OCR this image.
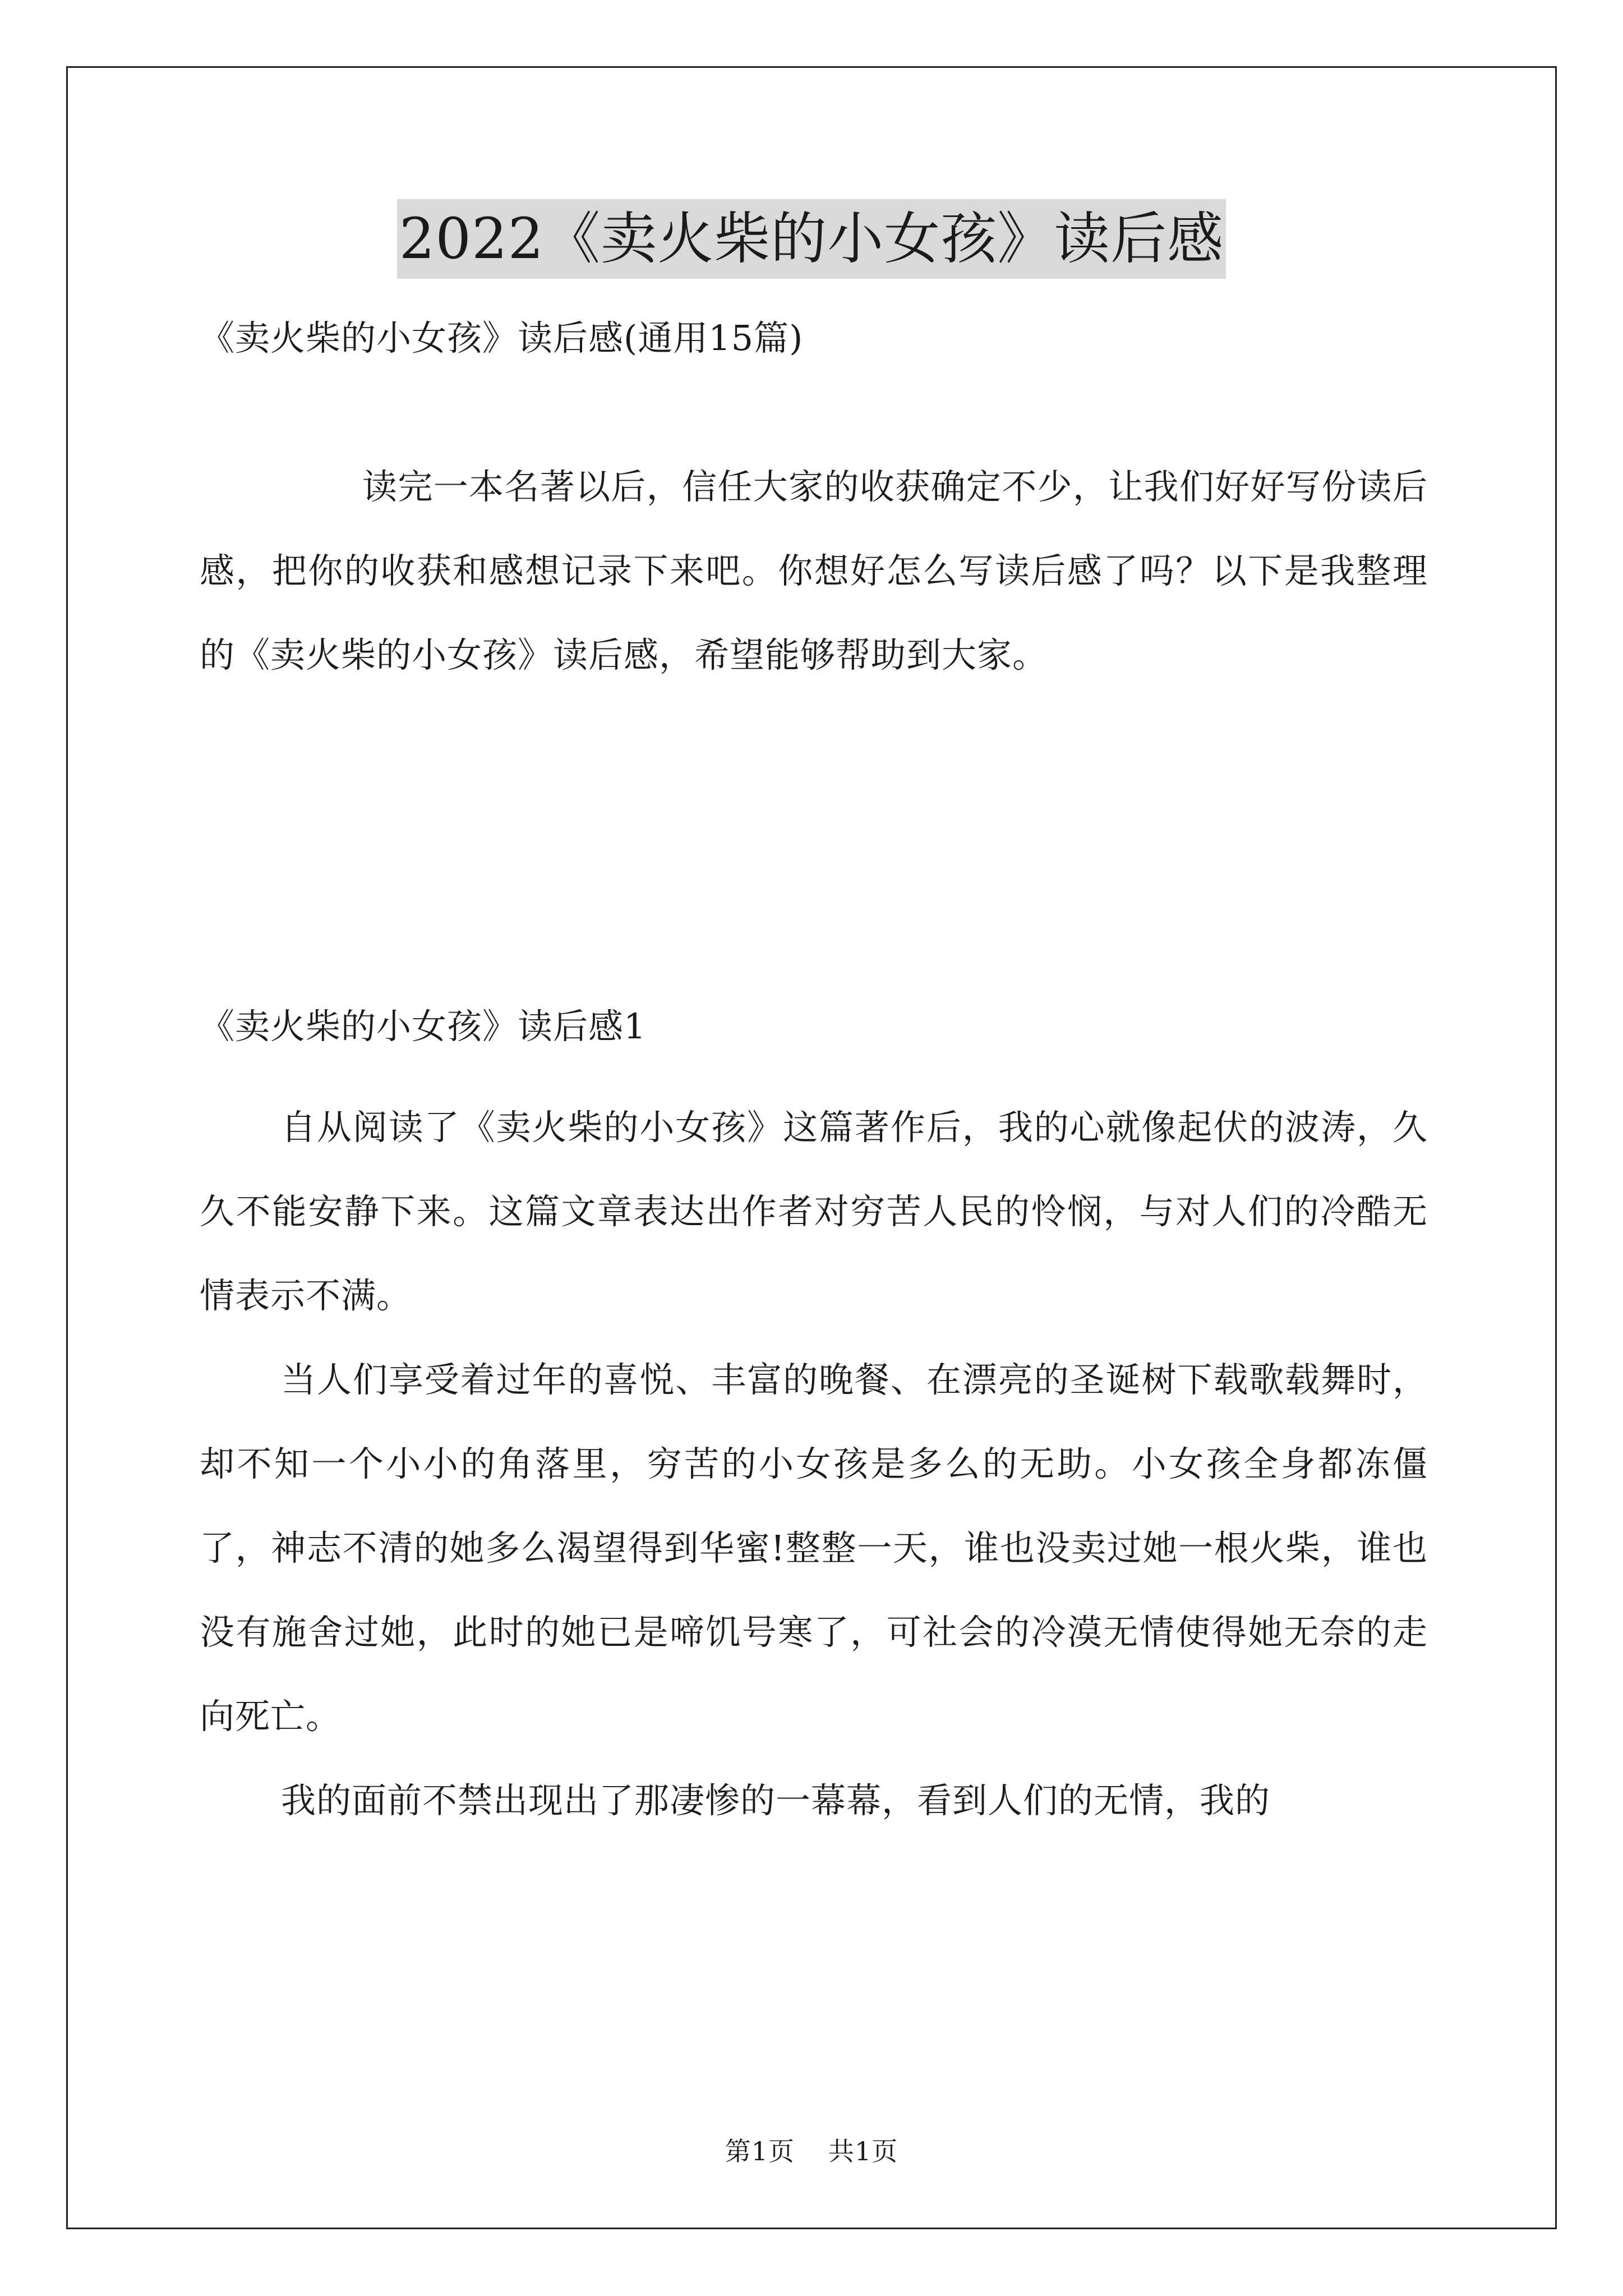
2022《卖火柴的小女孩》读后感
《卖火柴的小女孩》读后感(通用15篇)
读完一本名著以后，信任大家的收获确定不少，让我们好好写份读后感，把你的收获和感想记录下来吧。你想好怎么写读后感了吗？以下是我整理的《卖火柴的小女孩》读后感，希望能够帮助到大家。
《卖火柴的小女孩》读后感1

自从阅读了《卖火柴的小女孩》这篇著作后，我的心就像起伏的波涛，久久不能安静下来。这篇文章表达出作者对穷苦人民的怜悯，与对人们的冷酷无情表示不满。

当人们享受着过年的喜悦、丰富的晚餐、在漂亮的圣诞树下载歌载舞时，却不知一个小小的角落里，穷苦的小女孩是多么的无助。小女孩全身都冻僵了，神志不清的她多么渴望得到华蜜!整整一天，谁也没卖过她一根火柴，谁也没有施舍过她，此时的她已是啼饥号寒了，可社会的冷漠无情使得她无奈的走向死亡。

我的面前不禁出现出了那凄惨的一幕幕，看到人们的无情，我的

第1页 共1页
